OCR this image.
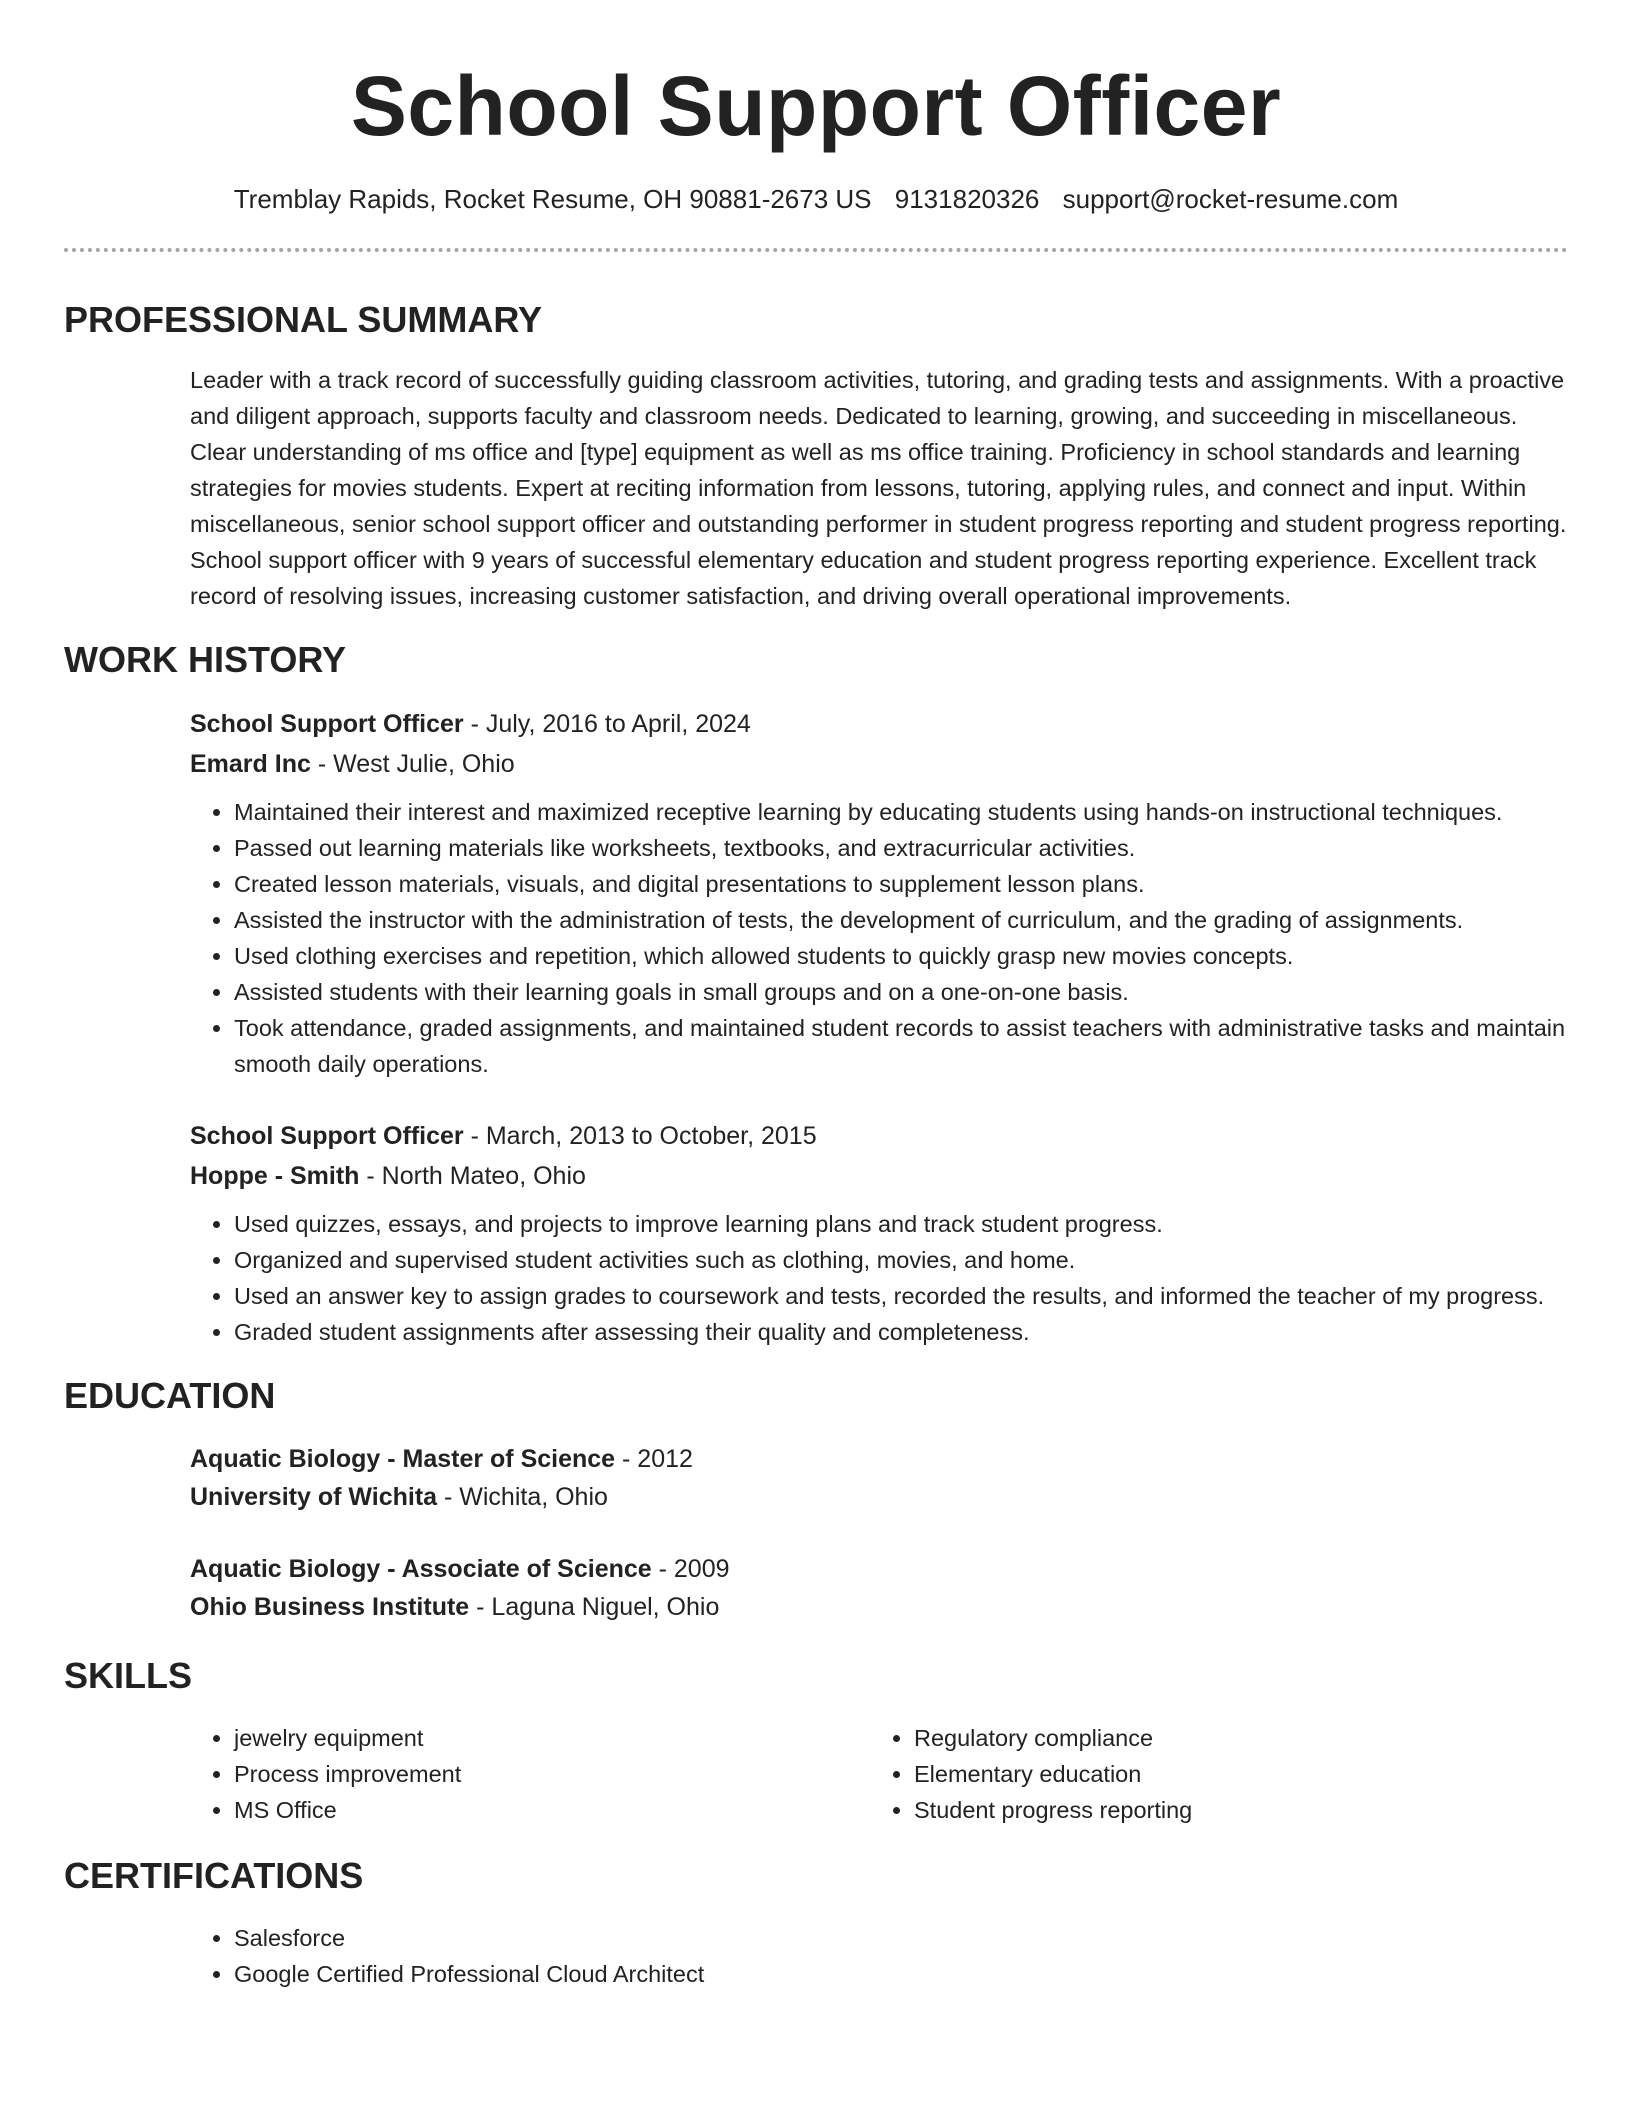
School Support Officer
Tremblay Rapids, Rocket Resume, OH 90881-2673 US 9131820326 support@rocket-resume.com
PROFESSIONAL SUMMARY
Leader with a track record of successfully guiding classroom activities, tutoring, and grading tests and assignments. With a proactive and diligent approach, supports faculty and classroom needs. Dedicated to learning, growing, and succeeding in miscellaneous. Clear understanding of ms office and [type] equipment as well as ms office training. Proficiency in school standards and learning strategies for movies students. Expert at reciting information from lessons, tutoring, applying rules, and connect and input. Within miscellaneous, senior school support officer and outstanding performer in student progress reporting and student progress reporting. School support officer with 9 years of successful elementary education and student progress reporting experience. Excellent track record of resolving issues, increasing customer satisfaction, and driving overall operational improvements.
WORK HISTORY
School Support Officer - July, 2016 to April, 2024
Emard Inc - West Julie, Ohio
• Maintained their interest and maximized receptive learning by educating students using hands-on instructional techniques.
• Passed out learning materials like worksheets, textbooks, and extracurricular activities.
• Created lesson materials, visuals, and digital presentations to supplement lesson plans.
• Assisted the instructor with the administration of tests, the development of curriculum, and the grading of assignments.
• Used clothing exercises and repetition, which allowed students to quickly grasp new movies concepts.
• Assisted students with their learning goals in small groups and on a one-on-one basis.
• Took attendance, graded assignments, and maintained student records to assist teachers with administrative tasks and maintain smooth daily operations.
School Support Officer - March, 2013 to October, 2015
Hoppe - Smith - North Mateo, Ohio
• Used quizzes, essays, and projects to improve learning plans and track student progress.
• Organized and supervised student activities such as clothing, movies, and home.
• Used an answer key to assign grades to coursework and tests, recorded the results, and informed the teacher of my progress.
• Graded student assignments after assessing their quality and completeness.
EDUCATION
Aquatic Biology - Master of Science - 2012
University of Wichita - Wichita, Ohio
Aquatic Biology - Associate of Science - 2009
Ohio Business Institute - Laguna Niguel, Ohio
SKILLS
• jewelry equipment
• Process improvement
• MS Office
• Regulatory compliance
• Elementary education
• Student progress reporting
CERTIFICATIONS
• Salesforce
• Google Certified Professional Cloud Architect
